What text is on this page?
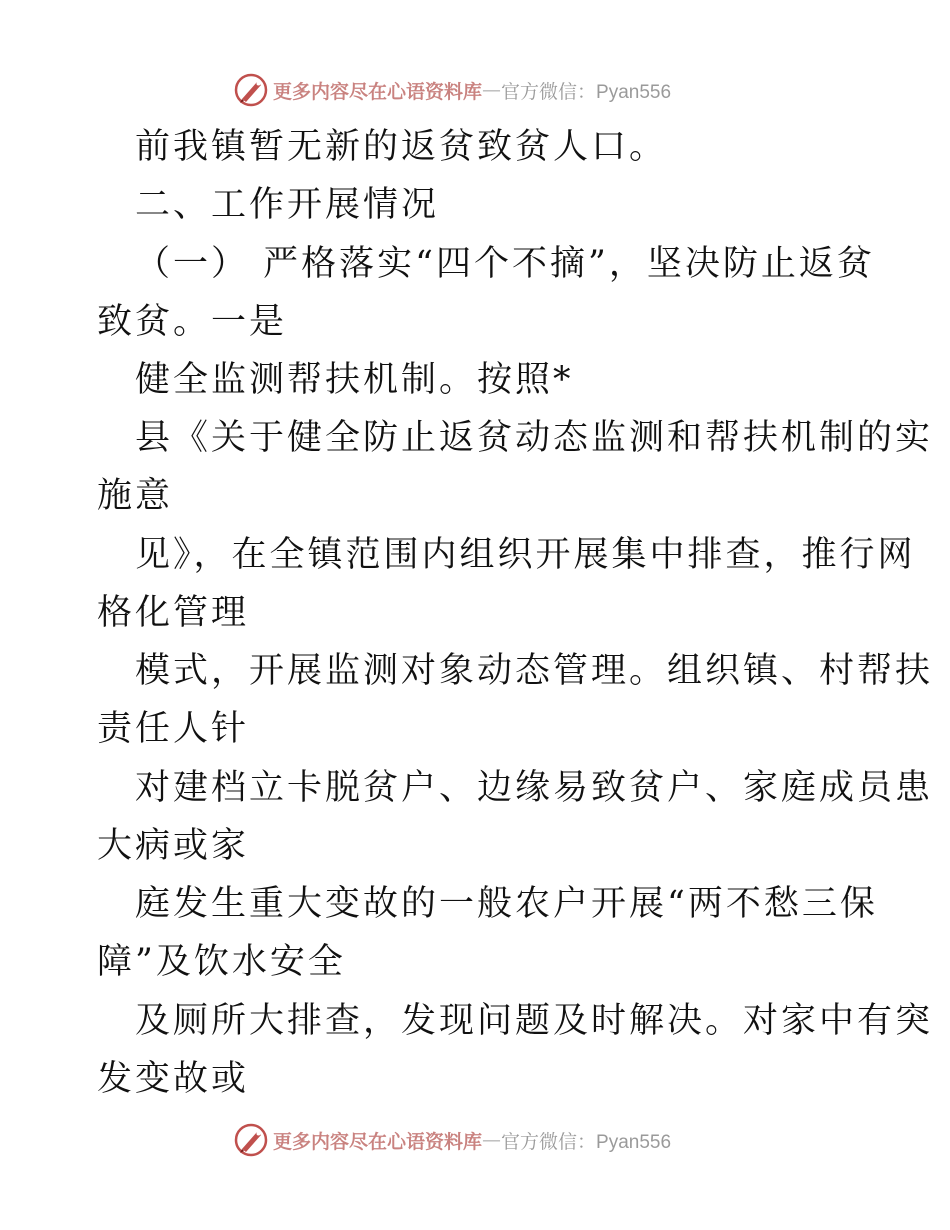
更多内容尽在心语资料库 — 官方微信：Pyan556
前我镇暂无新的返贫致贫人口。
二、工作开展情况
（一） 严格落实“四个不摘”，坚决防止返贫
致贫。一是
健全监测帮扶机制。按照*
县《关于健全防止返贫动态监测和帮扶机制的实
施意
见》，在全镇范围内组织开展集中排查，推行网
格化管理
模式，开展监测对象动态管理。组织镇、村帮扶
责任人针
对建档立卡脱贫户、边缘易致贫户、家庭成员患
大病或家
庭发生重大变故的一般农户开展“两不愁三保
障”及饮水安全
及厕所大排查，发现问题及时解决。对家中有突
发变故或
更多内容尽在心语资料库 — 官方微信：Pyan556
